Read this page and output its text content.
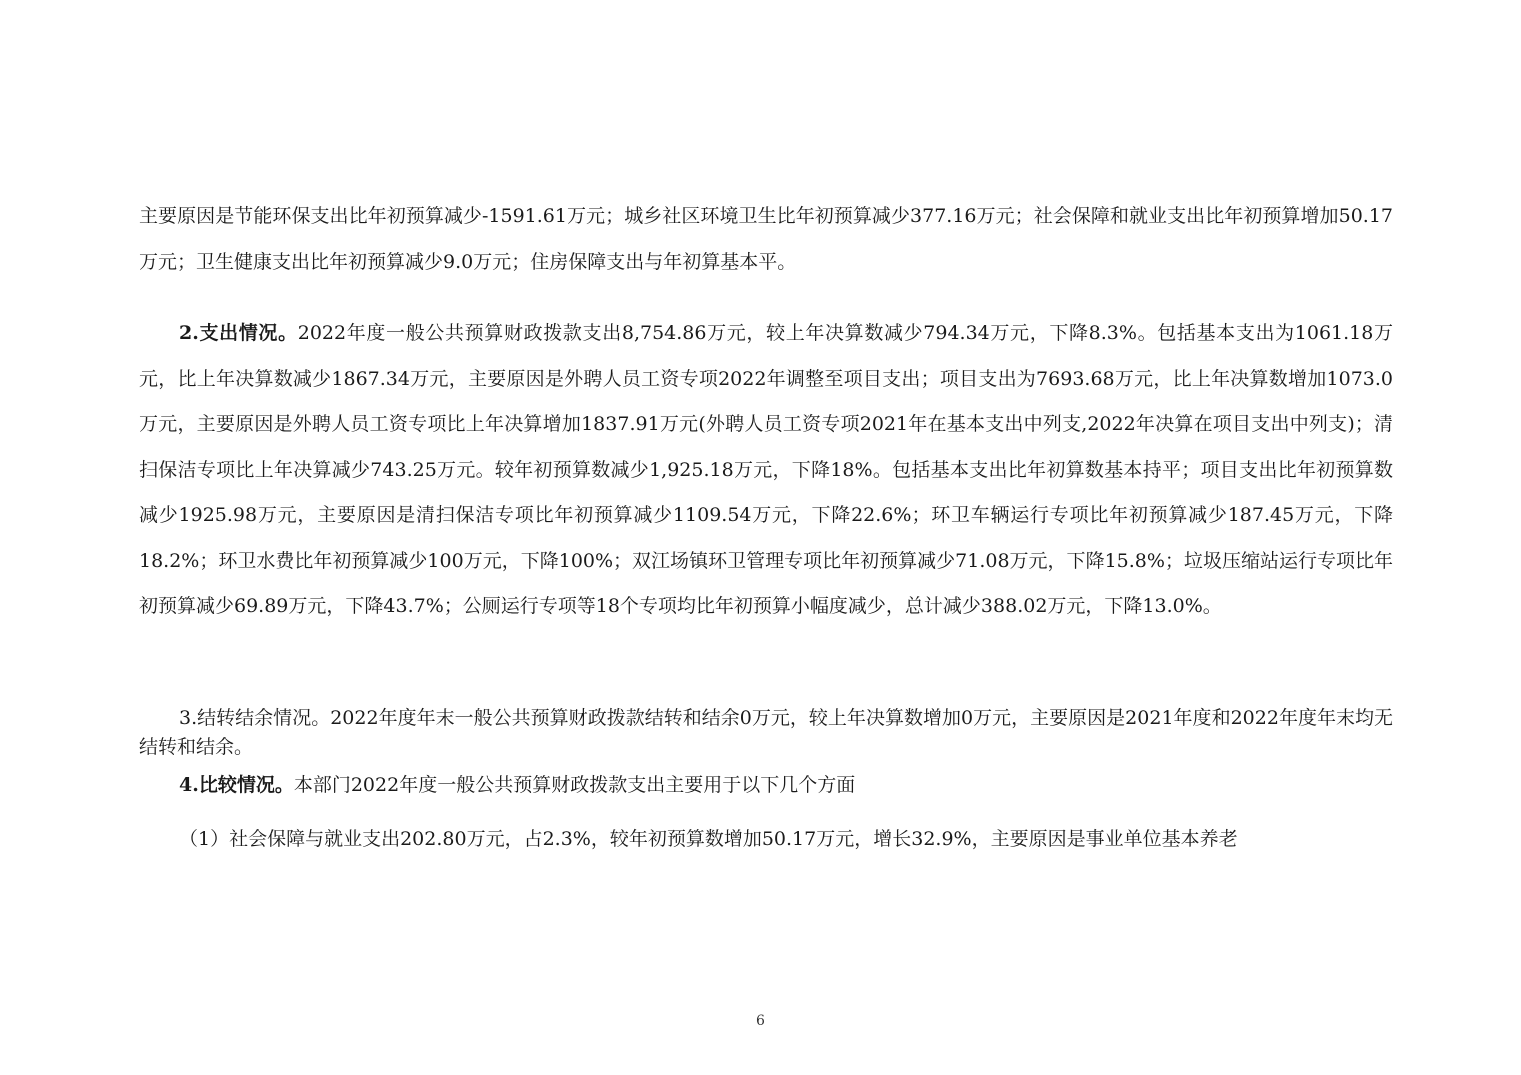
主要原因是节能环保支出比年初预算减少-1591.61万元；城乡社区环境卫生比年初预算减少377.16万元；社会保障和就业支出比年初预算增加50.17万元；卫生健康支出比年初预算减少9.0万元；住房保障支出与年初算基本平。

2.支出情况。2022年度一般公共预算财政拨款支出8,754.86万元，较上年决算数减少794.34万元，下降8.3%。包括基本支出为1061.18万元，比上年决算数减少1867.34万元，主要原因是外聘人员工资专项2022年调整至项目支出；项目支出为7693.68万元，比上年决算数增加1073.0万元，主要原因是外聘人员工资专项比上年决算增加1837.91万元(外聘人员工资专项2021年在基本支出中列支,2022年决算在项目支出中列支)；清扫保洁专项比上年决算减少743.25万元。较年初预算数减少1,925.18万元，下降18%。包括基本支出比年初算数基本持平；项目支出比年初预算数减少1925.98万元，主要原因是清扫保洁专项比年初预算减少1109.54万元，下降22.6%；环卫车辆运行专项比年初预算减少187.45万元，下降18.2%；环卫水费比年初预算减少100万元，下降100%；双江场镇环卫管理专项比年初预算减少71.08万元，下降15.8%；垃圾压缩站运行专项比年初预算减少69.89万元，下降43.7%；公厕运行专项等18个专项均比年初预算小幅度减少，总计减少388.02万元，下降13.0%。

3.结转结余情况。2022年度年末一般公共预算财政拨款结转和结余0万元，较上年决算数增加0万元，主要原因是2021年度和2022年度年末均无结转和结余。

4.比较情况。本部门2022年度一般公共预算财政拨款支出主要用于以下几个方面

（1）社会保障与就业支出202.80万元，占2.3%，较年初预算数增加50.17万元，增长32.9%，主要原因是事业单位基本养老

6
